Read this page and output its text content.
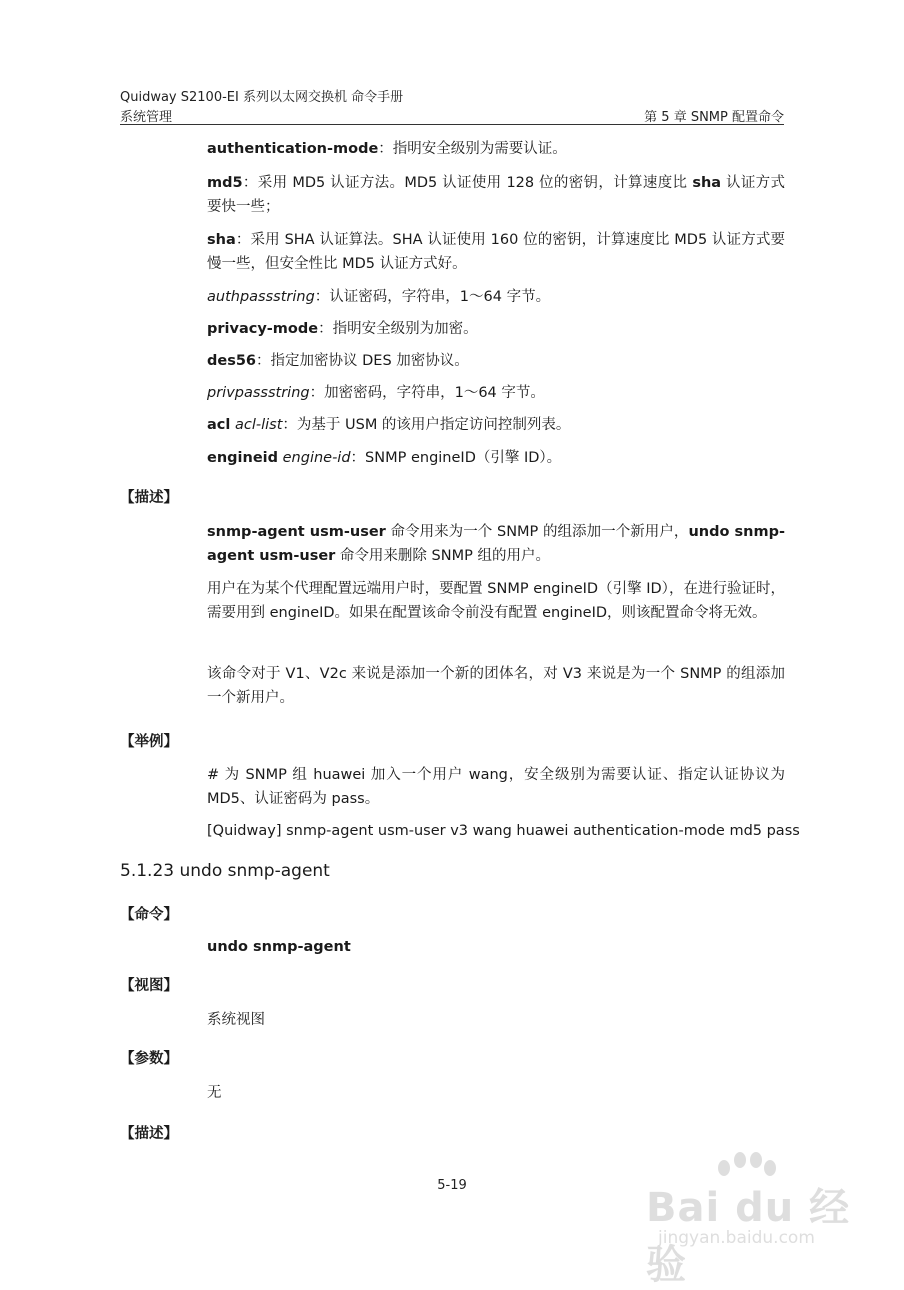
Quidway S2100-EI 系列以太网交换机 命令手册
系统管理	第 5 章 SNMP 配置命令
authentication-mode：指明安全级别为需要认证。
md5：采用 MD5 认证方法。MD5 认证使用 128 位的密钥，计算速度比 sha 认证方式要快一些；
sha：采用 SHA 认证算法。SHA 认证使用 160 位的密钥，计算速度比 MD5 认证方式要慢一些，但安全性比 MD5 认证方式好。
authpassstring：认证密码，字符串，1～64 字节。
privacy-mode：指明安全级别为加密。
des56：指定加密协议 DES 加密协议。
privpassstring：加密密码，字符串，1～64 字节。
acl acl-list：为基于 USM 的该用户指定访问控制列表。
engineid engine-id：SNMP engineID（引擎 ID）。
【描述】
snmp-agent usm-user 命令用来为一个 SNMP 的组添加一个新用户，undo snmp-agent usm-user 命令用来删除 SNMP 组的用户。
用户在为某个代理配置远端用户时，要配置 SNMP engineID（引擎 ID），在进行验证时，需要用到 engineID。如果在配置该命令前没有配置 engineID，则该配置命令将无效。
该命令对于 V1、V2c 来说是添加一个新的团体名，对 V3 来说是为一个 SNMP 的组添加一个新用户。
【举例】
# 为 SNMP 组 huawei 加入一个用户 wang，安全级别为需要认证、指定认证协议为 MD5、认证密码为 pass。
[Quidway] snmp-agent usm-user v3 wang huawei authentication-mode md5 pass
5.1.23 undo snmp-agent
【命令】
undo snmp-agent
【视图】
系统视图
【参数】
无
【描述】
5-19	Bai du 经验
jingyan.baidu.com
